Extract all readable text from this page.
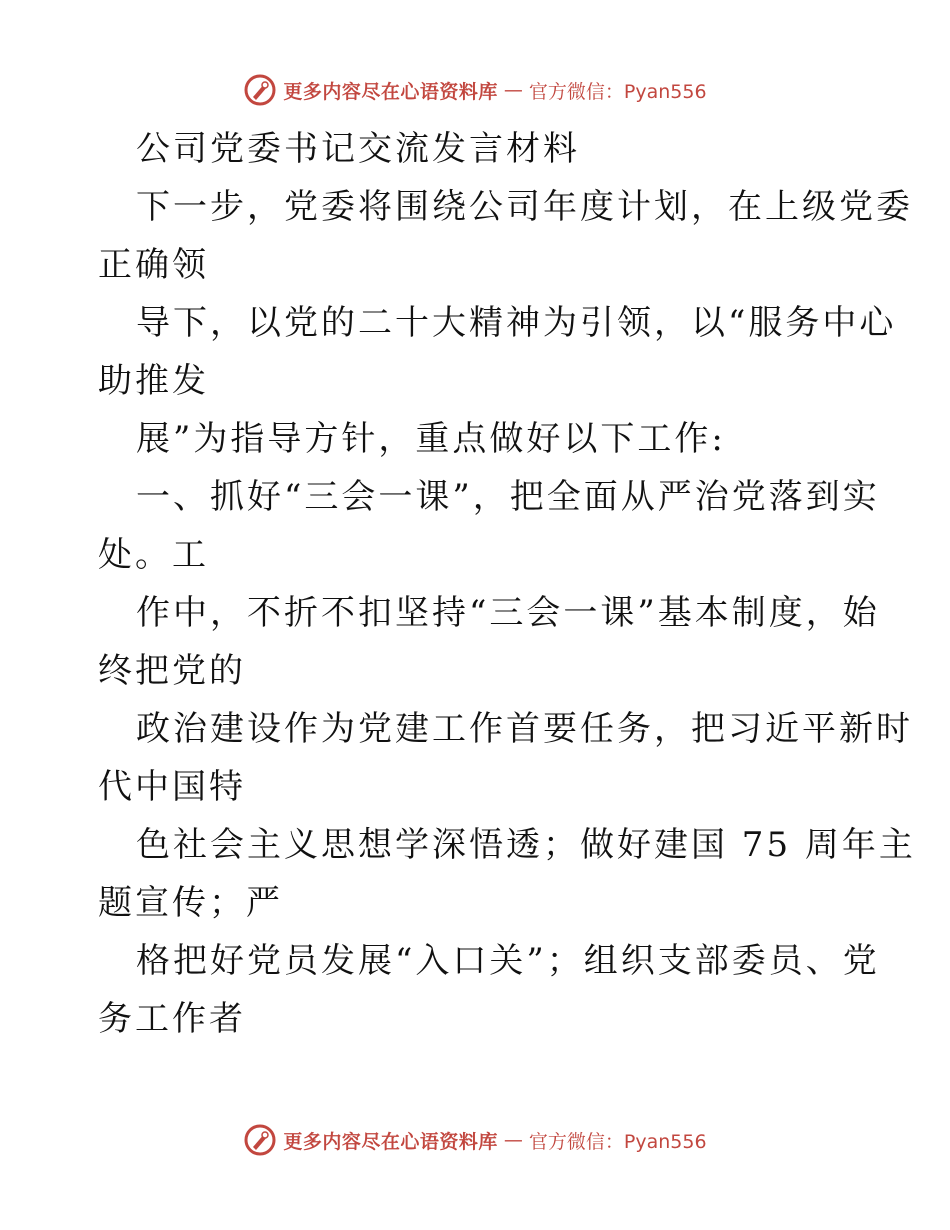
更多内容尽在心语资料库 — 官方微信：Pyan556
公司党委书记交流发言材料
下一步，党委将围绕公司年度计划，在上级党委
正确领
导下，以党的二十大精神为引领，以“服务中心
助推发
展”为指导方针，重点做好以下工作:
一、抓好“三会一课”，把全面从严治党落到实
处。工
作中，不折不扣坚持“三会一课”基本制度，始
终把党的
政治建设作为党建工作首要任务，把习近平新时
代中国特
色社会主义思想学深悟透；做好建国 75 周年主
题宣传；严
格把好党员发展“入口关”；组织支部委员、党
务工作者
更多内容尽在心语资料库 — 官方微信：Pyan556
